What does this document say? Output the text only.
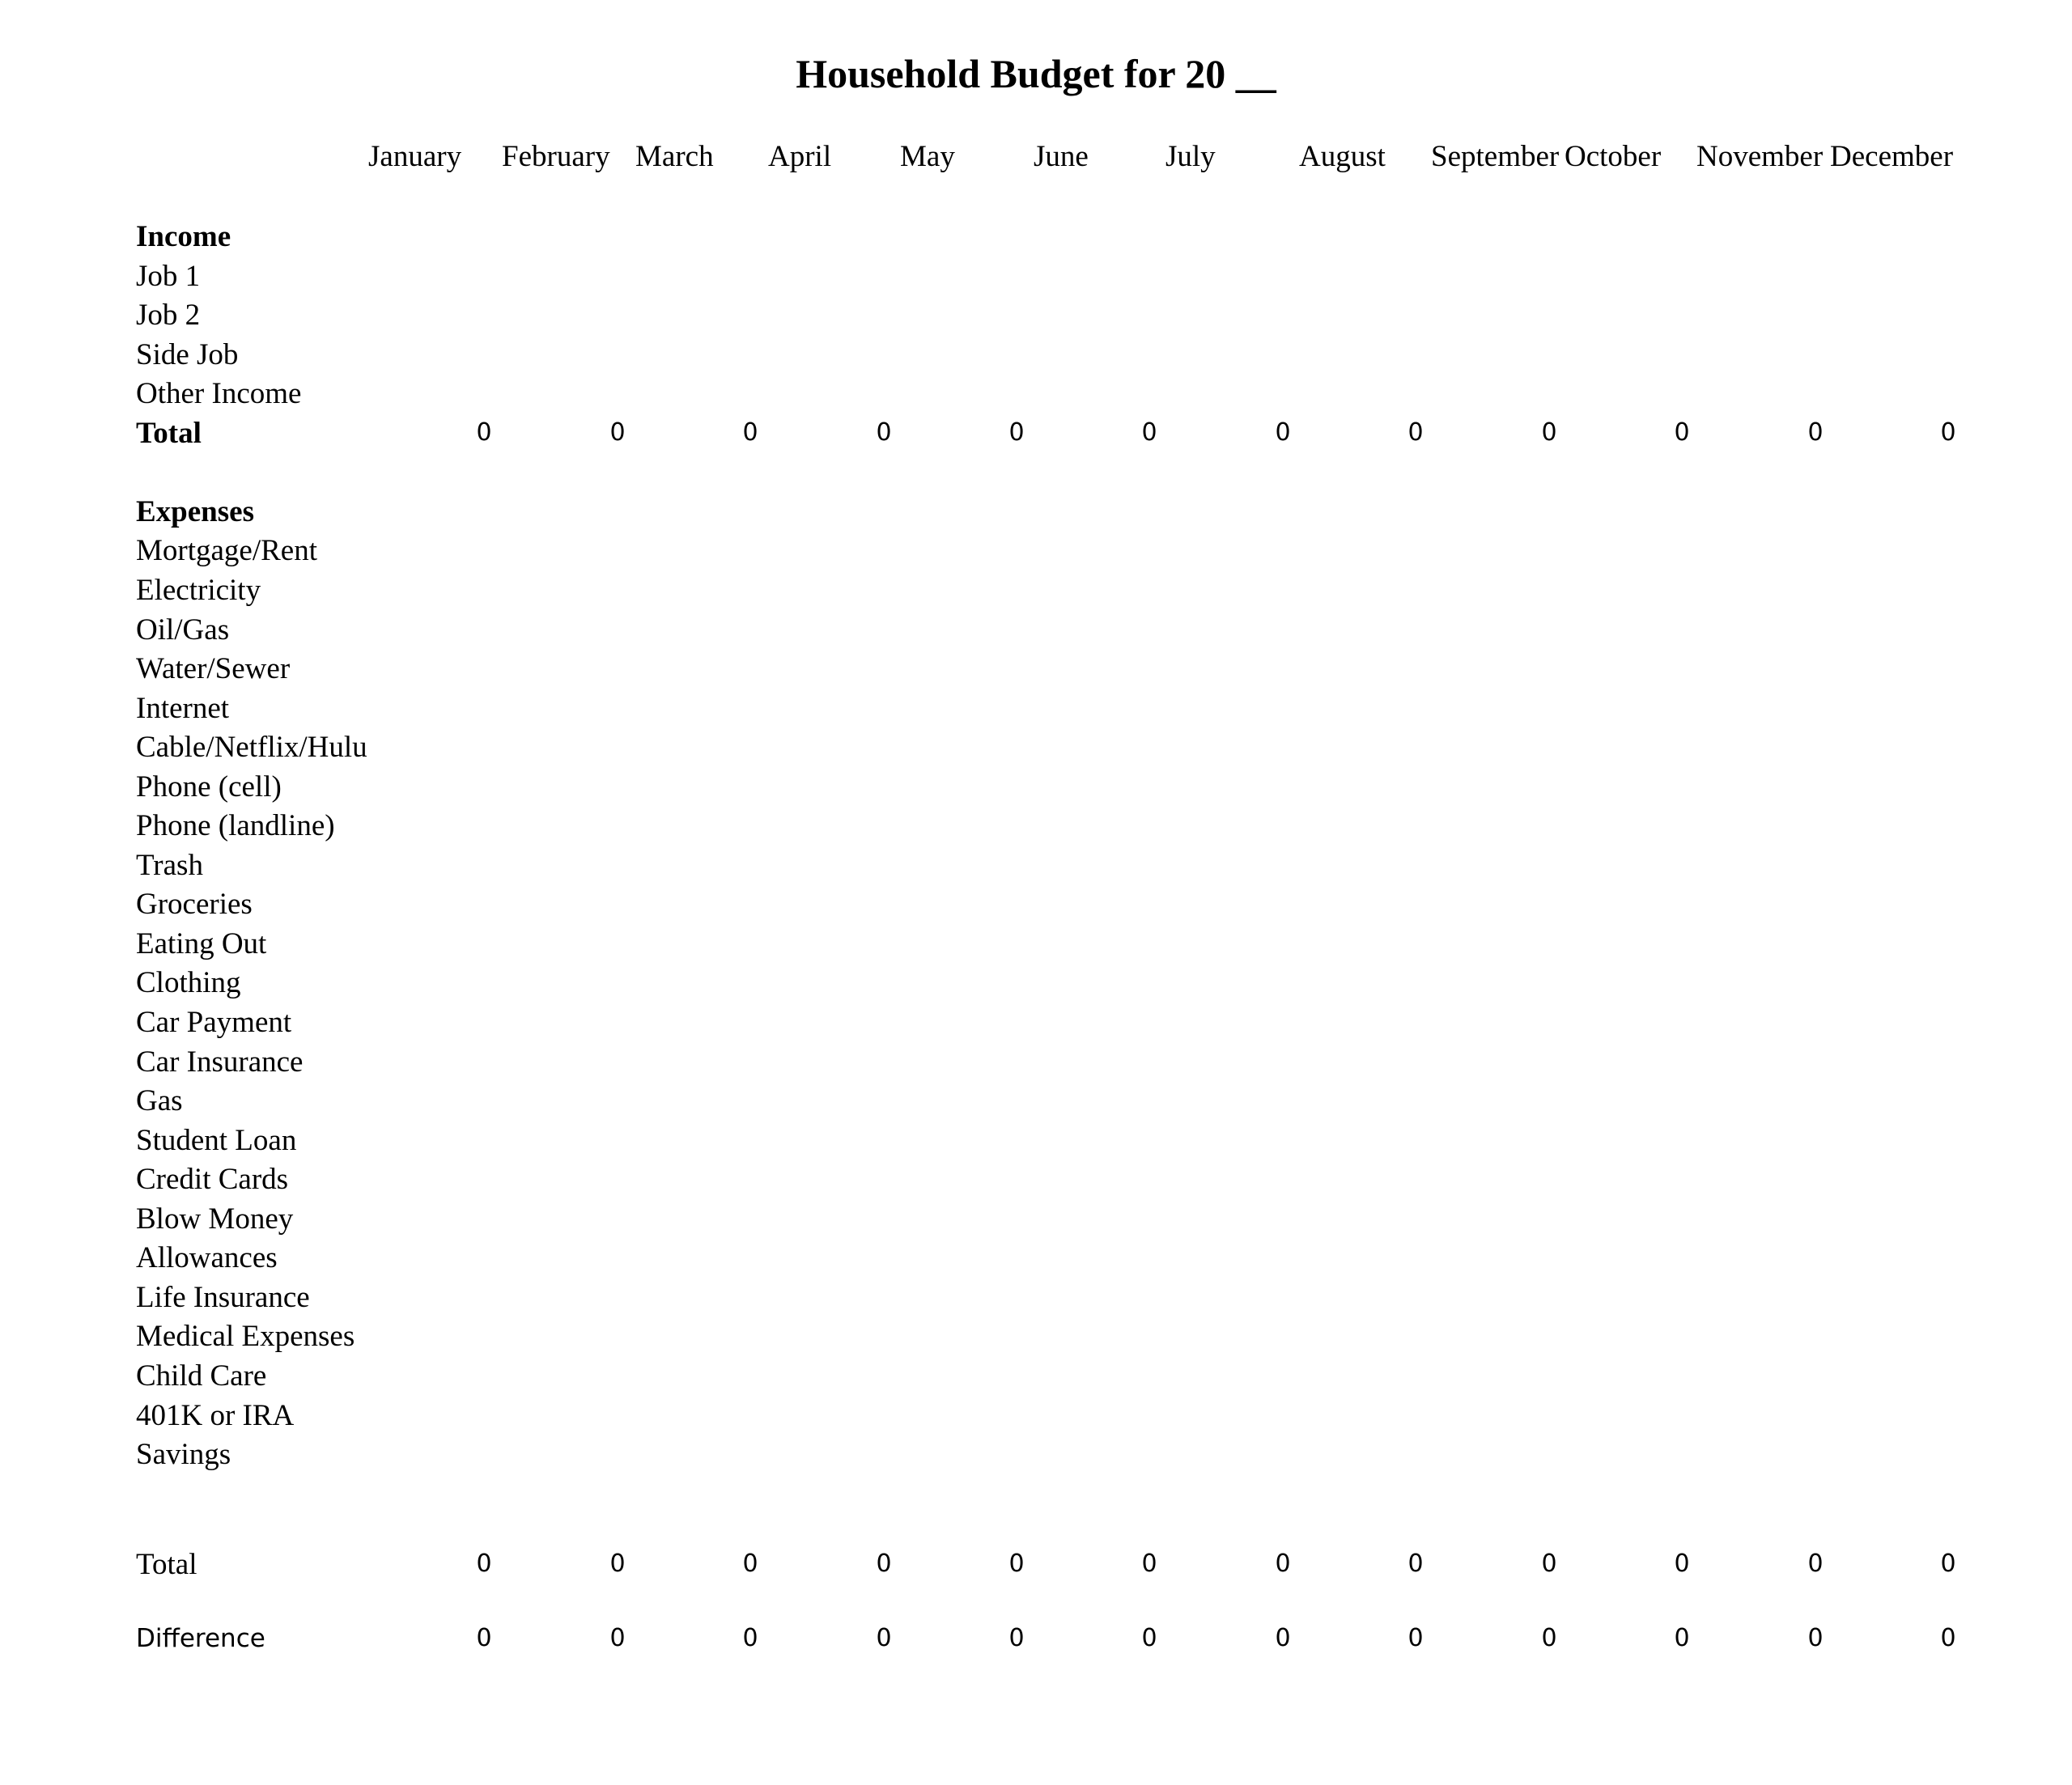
Household Budget for 20 __
January February March April May	June	July	August September October November December
Income
Job 1
Job 2
Side Job
Other Income
Total	0	0	0	0	0	0	0	0	0	0	0	0
Expenses
Mortgage/Rent
Electricity
Oil/Gas
Water/Sewer
Internet
Cable/Netflix/Hulu
Phone (cell)
Phone (landline)
Trash
Groceries
Eating Out
Clothing
Car Payment
Car Insurance
Gas
Student Loan
Credit Cards
Blow Money
Allowances
Life Insurance
Medical Expenses
Child Care
401K or IRA
Savings
Total	0	0	0	0	0	0	0	0	0	0	0	0
Difference	0	0	0	0	0	0	0	0	0	0	0	0
